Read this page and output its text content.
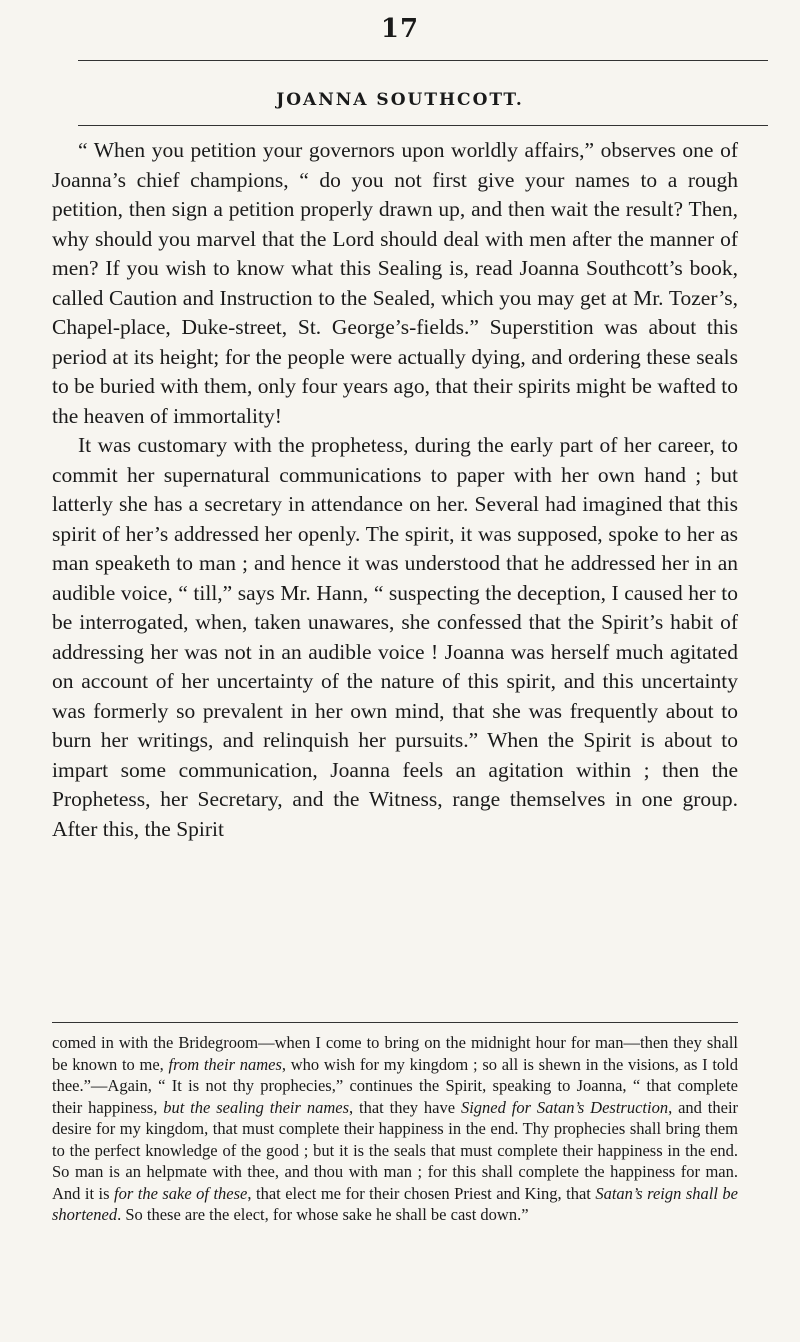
17
JOANNA SOUTHCOTT.

“ When you petition your governors upon worldly affairs,” observes one of Joanna’s chief champions, “ do you not first give your names to a rough petition, then sign a petition properly drawn up, and then wait the result? Then, why should you marvel that the Lord should deal with men after the manner of men? If you wish to know what this Sealing is, read Joanna Southcott’s book, called Caution and Instruction to the Sealed, which you may get at Mr. Tozer’s, Chapel-place, Duke-street, St. George’s-fields.” Superstition was about this period at its height; for the people were actually dying, and ordering these seals to be buried with them, only four years ago, that their spirits might be wafted to the heaven of immortality!

It was customary with the prophetess, during the early part of her career, to commit her supernatural communications to paper with her own hand ; but latterly she has a secretary in attendance on her. Several had imagined that this spirit of her’s addressed her openly. The spirit, it was supposed, spoke to her as man speaketh to man ; and hence it was understood that he addressed her in an audible voice, “ till,” says Mr. Hann, “ suspecting the deception, I caused her to be interrogated, when, taken unawares, she confessed that the Spirit’s habit of addressing her was not in an audible voice ! Joanna was herself much agitated on account of her uncertainty of the nature of this spirit, and this uncertainty was formerly so prevalent in her own mind, that she was frequently about to burn her writings, and relinquish her pursuits.” When the Spirit is about to impart some communication, Joanna feels an agitation within ; then the Prophetess, her Secretary, and the Witness, range themselves in one group. After this, the Spirit

comed in with the Bridegroom—when I come to bring on the midnight hour for man—then they shall be known to me, from their names, who wish for my kingdom ; so all is shewn in the visions, as I told thee.”—Again, “ It is not thy prophecies,” continues the Spirit, speaking to Joanna, “ that complete their happiness, but the sealing their names, that they have Signed for Satan’s Destruction, and their desire for my kingdom, that must complete their happiness in the end. Thy prophecies shall bring them to the perfect knowledge of the good ; but it is the seals that must complete their happiness in the end. So man is an helpmate with thee, and thou with man ; for this shall complete the happiness for man. And it is for the sake of these, that elect me for their chosen Priest and King, that Satan’s reign shall be shortened. So these are the elect, for whose sake he shall be cast down.”
